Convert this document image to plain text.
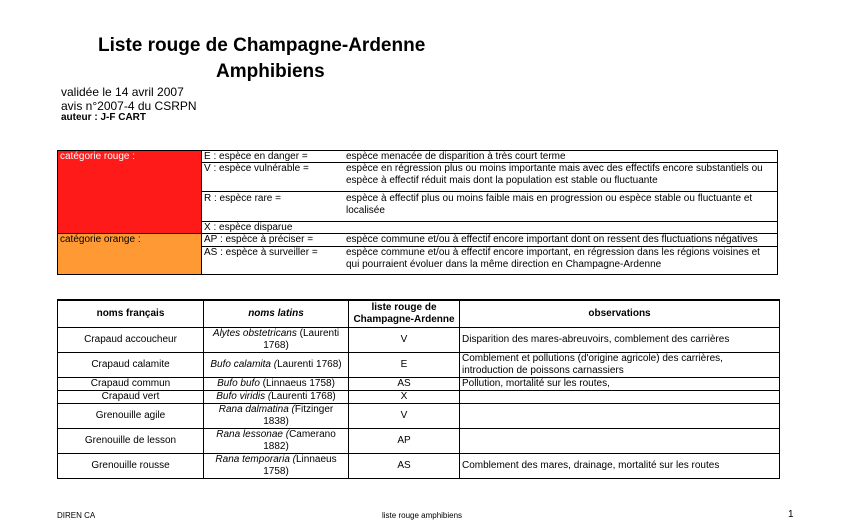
Liste rouge de Champagne-Ardenne
Amphibiens
validée le 14 avril 2007
avis n°2007-4 du CSRPN
auteur : J-F CART
catégorie rouge :
catégorie orange :
E : espèce en danger =	espèce menacée de disparition à très court terme
V : espèce vulnérable =	espèce en régression plus ou moins importante mais avec des effectifs encore substantiels ou espèce à effectif réduit mais dont la population est stable ou fluctuante
R : espèce rare =	espèce à effectif plus ou moins faible mais en progression ou espèce stable ou fluctuante et localisée
X : espèce disparue
AP : espèce à préciser =	espèce commune et/ou à effectif encore important dont on ressent des fluctuations négatives
AS : espèce à surveiller =	espèce commune et/ou à effectif encore important, en régression dans les régions voisines et qui pourraient évoluer dans la même direction en Champagne-Ardenne
noms français	noms latins	liste rouge de Champagne-Ardenne	observations
Crapaud accoucheur	Alytes obstetricans (Laurenti 1768)	V	Disparition des mares-abreuvoirs, comblement des carrières
Crapaud calamite	Bufo calamita (Laurenti 1768)	E	Comblement et pollutions (d'origine agricole) des carrières, introduction de poissons carnassiers
Crapaud commun	Bufo bufo (Linnaeus 1758)	AS	Pollution, mortalité sur les routes,
Crapaud vert	Bufo viridis (Laurenti 1768)	X	
Grenouille agile	Rana dalmatina (Fitzinger 1838)	V	
Grenouille de lesson	Rana lessonae (Camerano 1882)	AP	
Grenouille rousse	Rana temporaria (Linnaeus 1758)	AS	Comblement des mares, drainage, mortalité sur les routes
DIREN CA	liste rouge amphibiens	1
